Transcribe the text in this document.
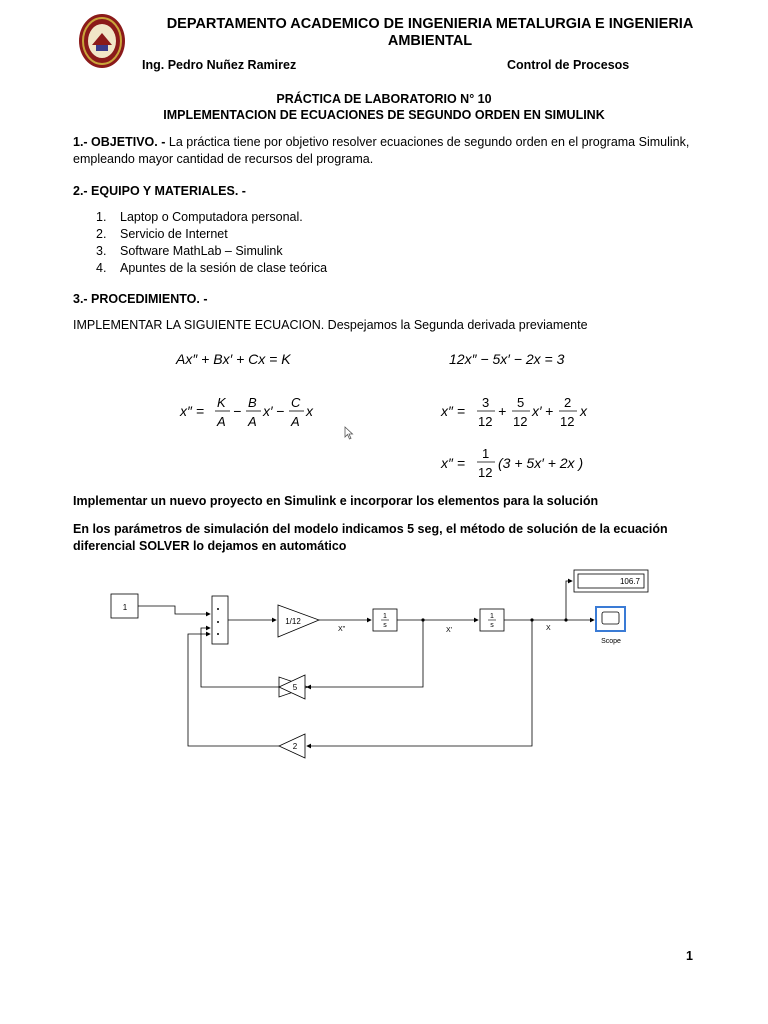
DEPARTAMENTO ACADEMICO DE INGENIERIA METALURGIA E INGENIERIA
AMBIENTAL
Ing. Pedro Nuñez Ramirez	Control de Procesos
PRÁCTICA DE LABORATORIO N° 10
IMPLEMENTACION DE ECUACIONES DE SEGUNDO ORDEN EN SIMULINK
1.- OBJETIVO. - La práctica tiene por objetivo resolver ecuaciones de segundo orden en el programa Simulink,
empleando mayor cantidad de recursos del programa.
2.- EQUIPO Y MATERIALES. -
1. Laptop o Computadora personal.
2. Servicio de Internet
3. Software MathLab – Simulink
4. Apuntes de la sesión de clase teórica
3.- PROCEDIMIENTO. -
IMPLEMENTAR LA SIGUIENTE ECUACION. Despejamos la Segunda derivada previamente
Ax″ + Bx′ + Cx = K	12x″ − 5x′ − 2x = 3
x″ =
K
A
−
B
A
x′ −
C
A
x	x″ =
3
12
+
5
12
x′ +
2
12
x
x″ =
1
12
(3 + 5x′ + 2x )
Implementar un nuevo proyecto en Simulink e incorporar los elementos para la solución
En los parámetros de simulación del modelo indicamos 5 seg, el método de solución de la ecuación
diferencial SOLVER lo dejamos en automático
1
1/12
1
s
1
s
X"	X'	X
5
2
106.7
Scope
1
